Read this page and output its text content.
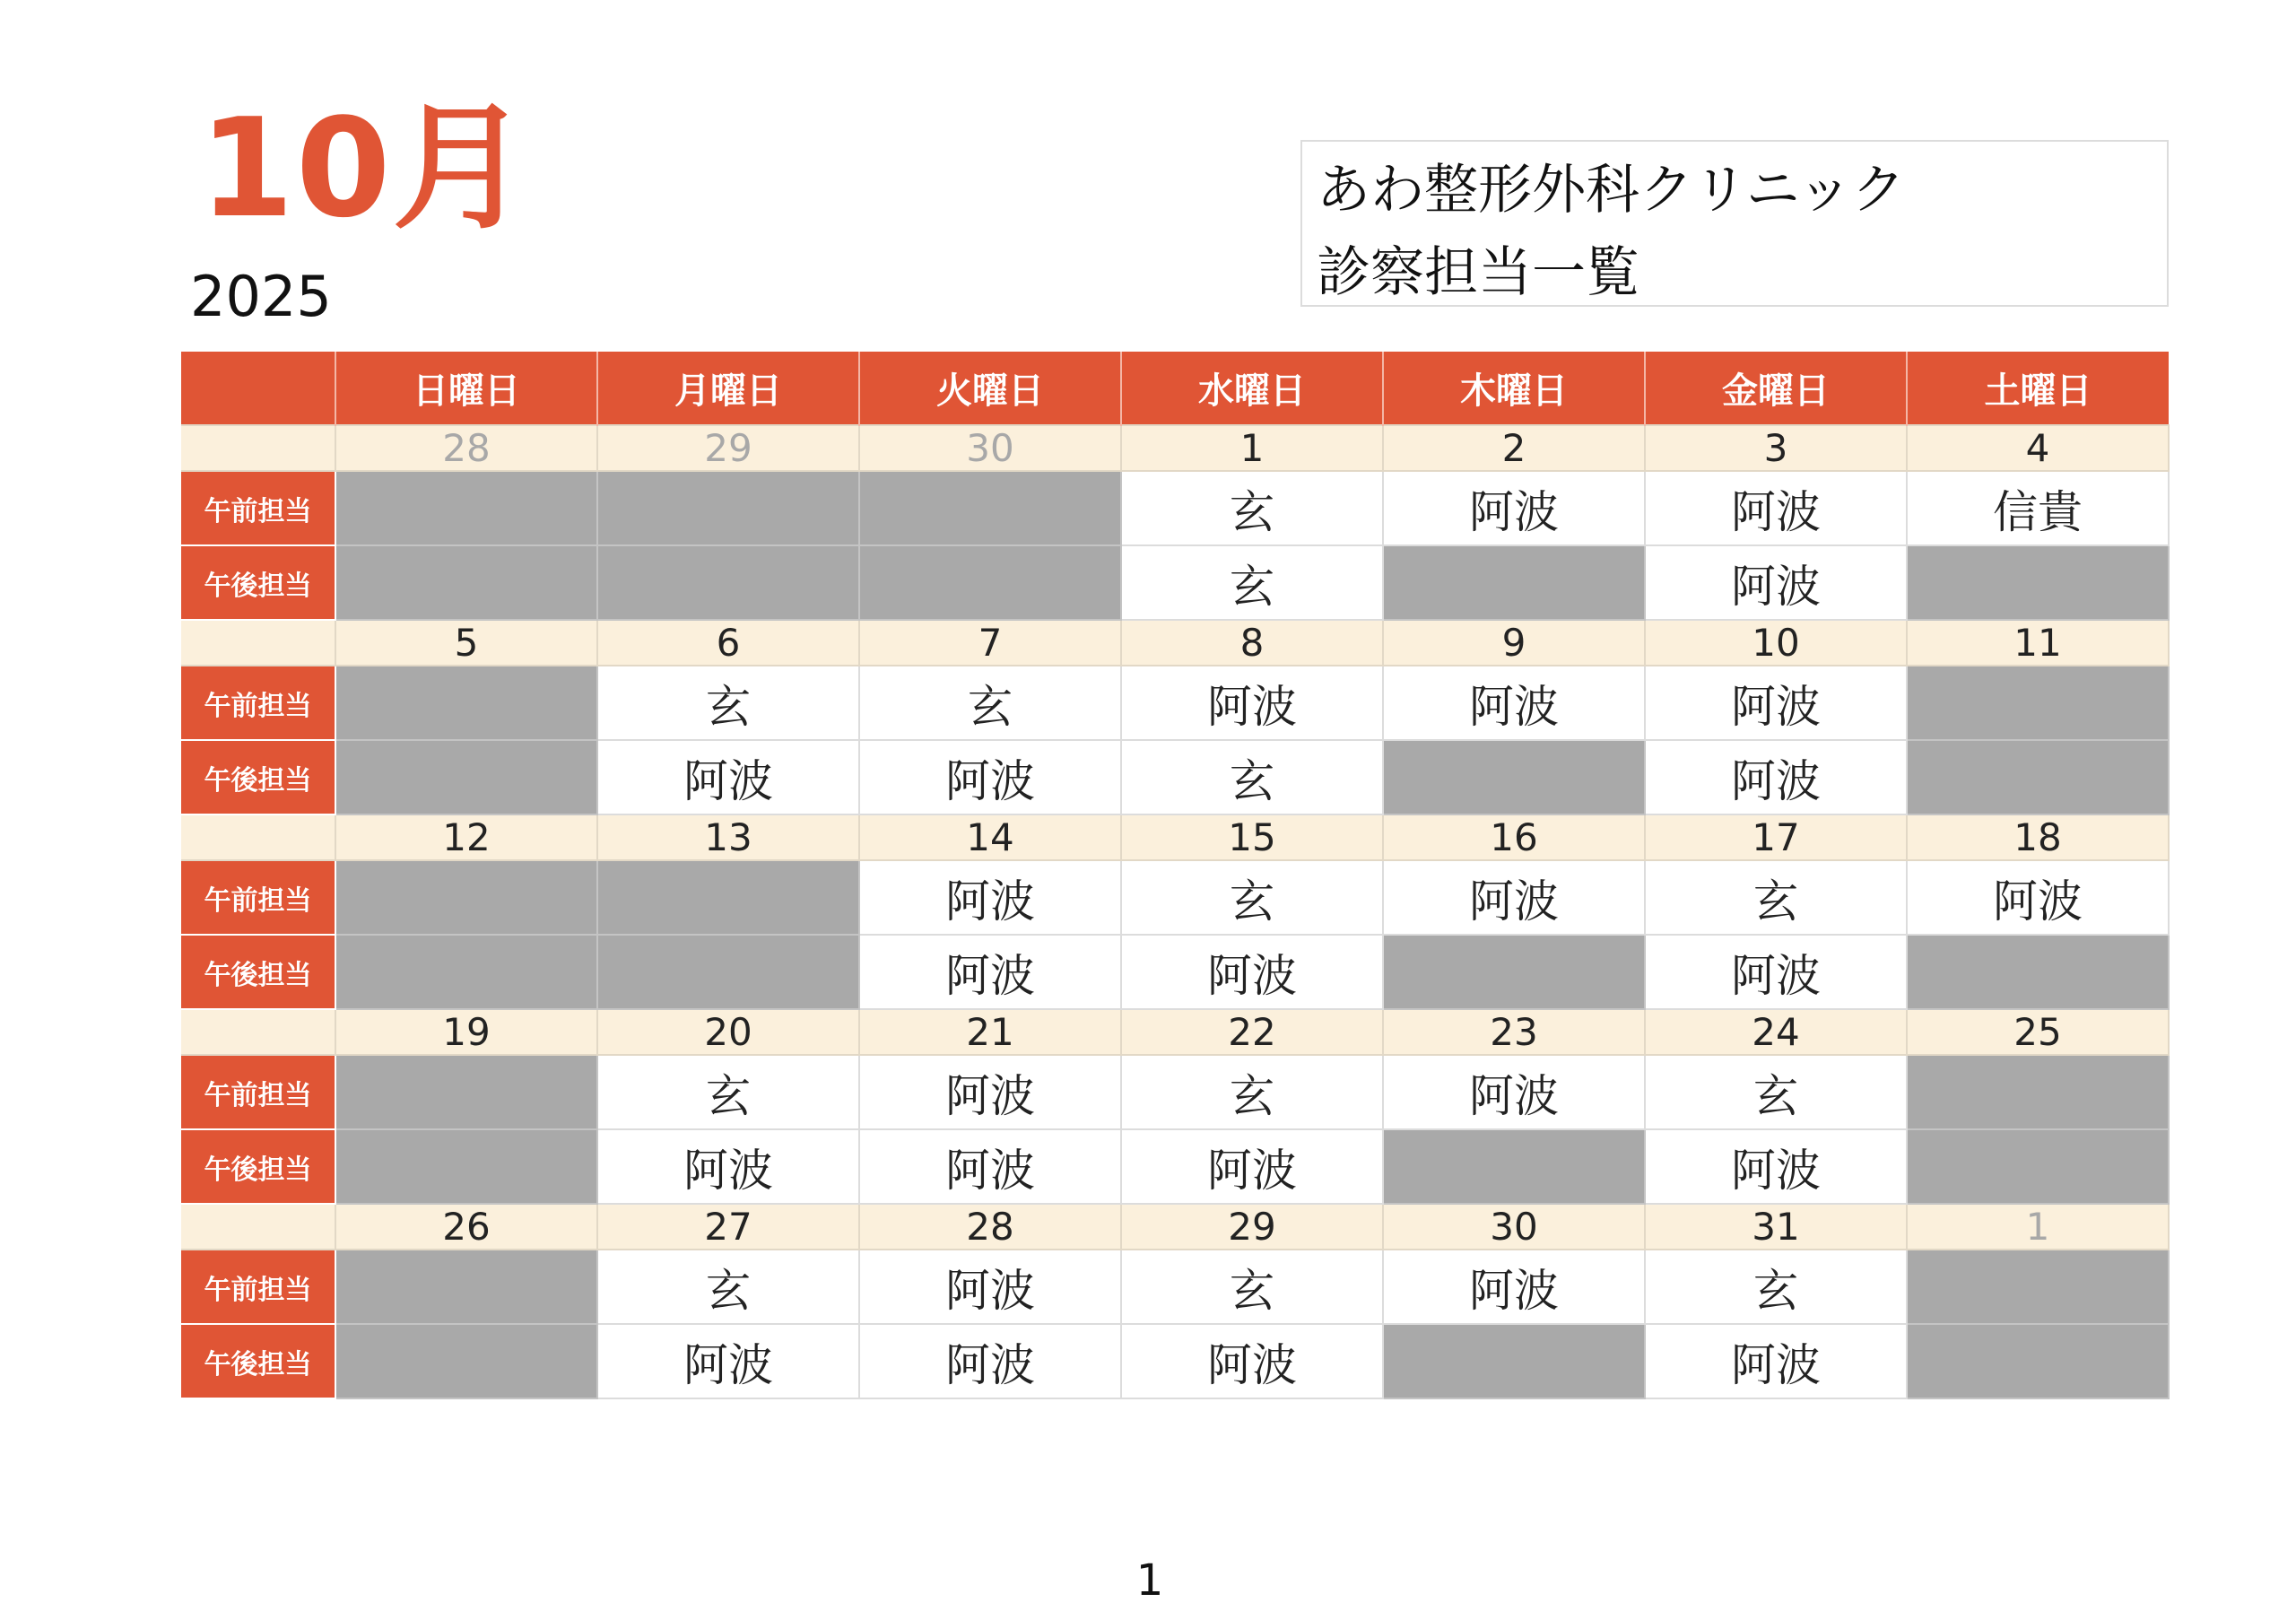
10月
2025
あわ整形外科クリニック
診察担当一覧
	日曜日	月曜日	火曜日	水曜日	木曜日	金曜日	土曜日
	28	29	30	1	2	3	4
午前担当				玄	阿波	阿波	信貴
午後担当				玄		阿波	
	5	6	7	8	9	10	11
午前担当		玄	玄	阿波	阿波	阿波	
午後担当		阿波	阿波	玄		阿波	
	12	13	14	15	16	17	18
午前担当			阿波	玄	阿波	玄	阿波
午後担当			阿波	阿波		阿波	
	19	20	21	22	23	24	25
午前担当		玄	阿波	玄	阿波	玄	
午後担当		阿波	阿波	阿波		阿波	
	26	27	28	29	30	31	1
午前担当		玄	阿波	玄	阿波	玄	
午後担当		阿波	阿波	阿波		阿波	
1
